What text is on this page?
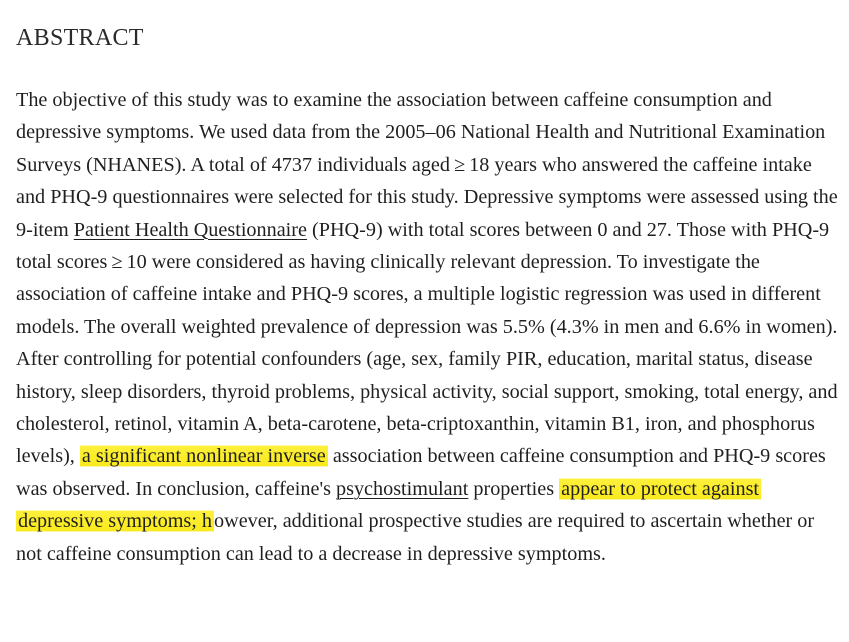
ABSTRACT

The objective of this study was to examine the association between caffeine consumption and depressive symptoms. We used data from the 2005–06 National Health and Nutritional Examination Surveys (NHANES). A total of 4737 individuals aged ≥ 18 years who answered the caffeine intake and PHQ-9 questionnaires were selected for this study. Depressive symptoms were assessed using the 9-item Patient Health Questionnaire (PHQ-9) with total scores between 0 and 27. Those with PHQ-9 total scores ≥ 10 were considered as having clinically relevant depression. To investigate the association of caffeine intake and PHQ-9 scores, a multiple logistic regression was used in different models. The overall weighted prevalence of depression was 5.5% (4.3% in men and 6.6% in women). After controlling for potential confounders (age, sex, family PIR, education, marital status, disease history, sleep disorders, thyroid problems, physical activity, social support, smoking, total energy, and cholesterol, retinol, vitamin A, beta-carotene, beta-criptoxanthin, vitamin B1, iron, and phosphorus levels), a significant nonlinear inverse association between caffeine consumption and PHQ-9 scores was observed. In conclusion, caffeine's psychostimulant properties appear to protect against depressive symptoms; however, additional prospective studies are required to ascertain whether or not caffeine consumption can lead to a decrease in depressive symptoms.
